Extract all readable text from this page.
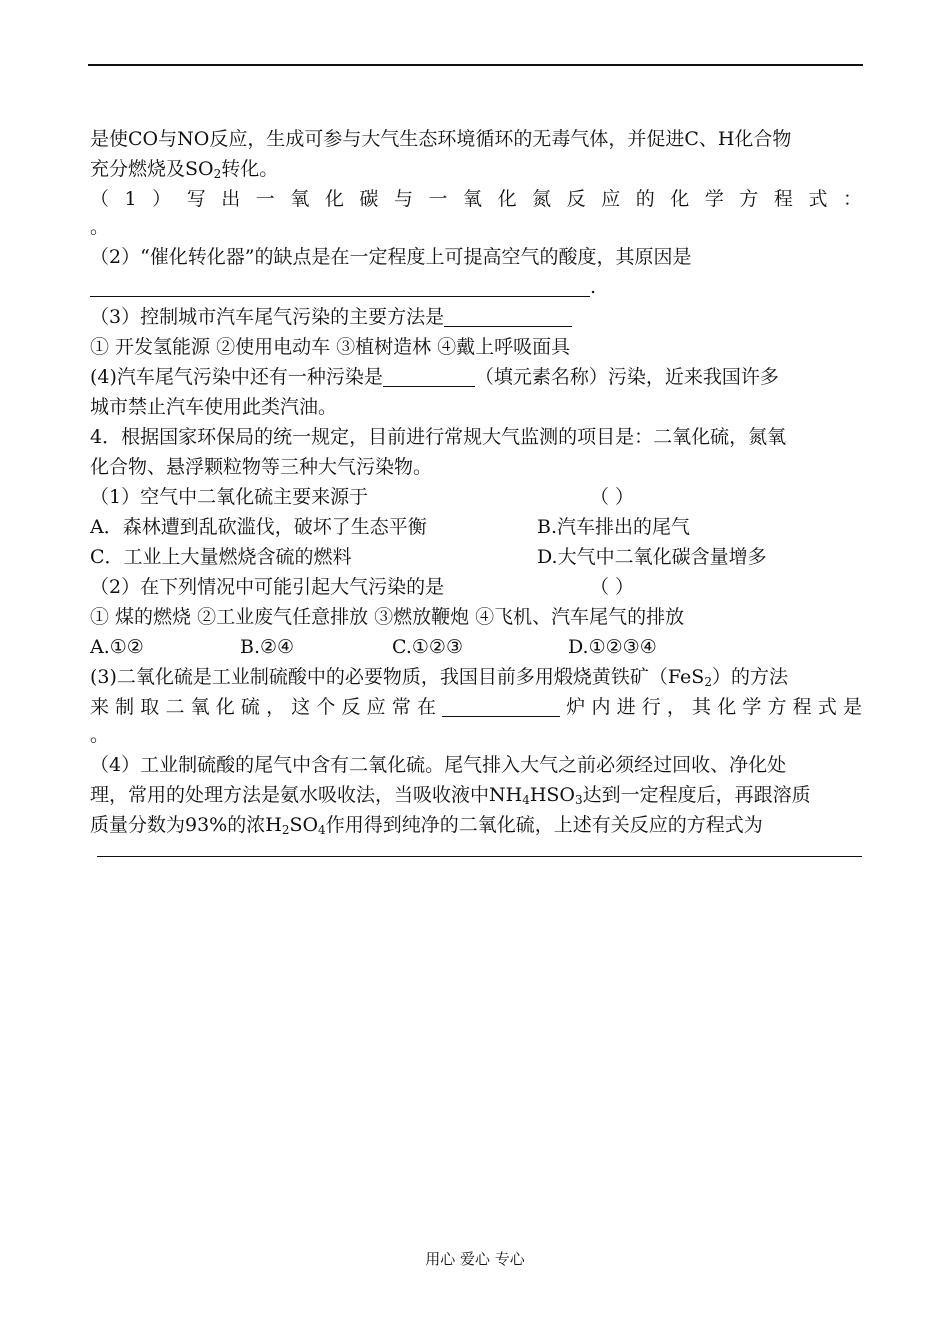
是使CO与NO反应，生成可参与大气生态环境循环的无毒气体，并促进C、H化合物
充分燃烧及$SO_2$转化。
（1）写出一氧化碳与一氧化氮反应的化学方程式：
。
（2）“催化转化器”的缺点是在一定程度上可提高空气的酸度，其原因是
.
（3）控制城市汽车尾气污染的主要方法是
① 开发氢能源 ②使用电动车 ③植树造林 ④戴上呼吸面具
(4)汽车尾气污染中还有一种污染是	（填元素名称）污染，近来我国许多
城市禁止汽车使用此类汽油。
4．根据国家环保局的统一规定，目前进行常规大气监测的项目是：二氧化硫，氮氧
化合物、悬浮颗粒物等三种大气污染物。
（1）空气中二氧化硫主要来源于	（ ）
A．森林遭到乱砍滥伐，破坏了生态平衡	B.汽车排出的尾气
C．工业上大量燃烧含硫的燃料	D.大气中二氧化碳含量增多
（2）在下列情况中可能引起大气污染的是	（ ）
① 煤的燃烧 ②工业废气任意排放 ③燃放鞭炮 ④飞机、汽车尾气的排放
A.①②	B.②④	C.①②③	D.①②③④
(3)二氧化硫是工业制硫酸中的必要物质，我国目前多用煅烧黄铁矿（FeS$_2$）的方法
来制取二氧化硫，这个反应常在	炉内进行，其化学方程式是
。
（4）工业制硫酸的尾气中含有二氧化硫。尾气排入大气之前必须经过回收、净化处
理，常用的处理方法是氨水吸收法，当吸收液中$NH_4HSO_3$达到一定程度后，再跟溶质
质量分数为93%的浓$H_2SO_4$作用得到纯净的二氧化硫，上述有关反应的方程式为
用心 爱心 专心
